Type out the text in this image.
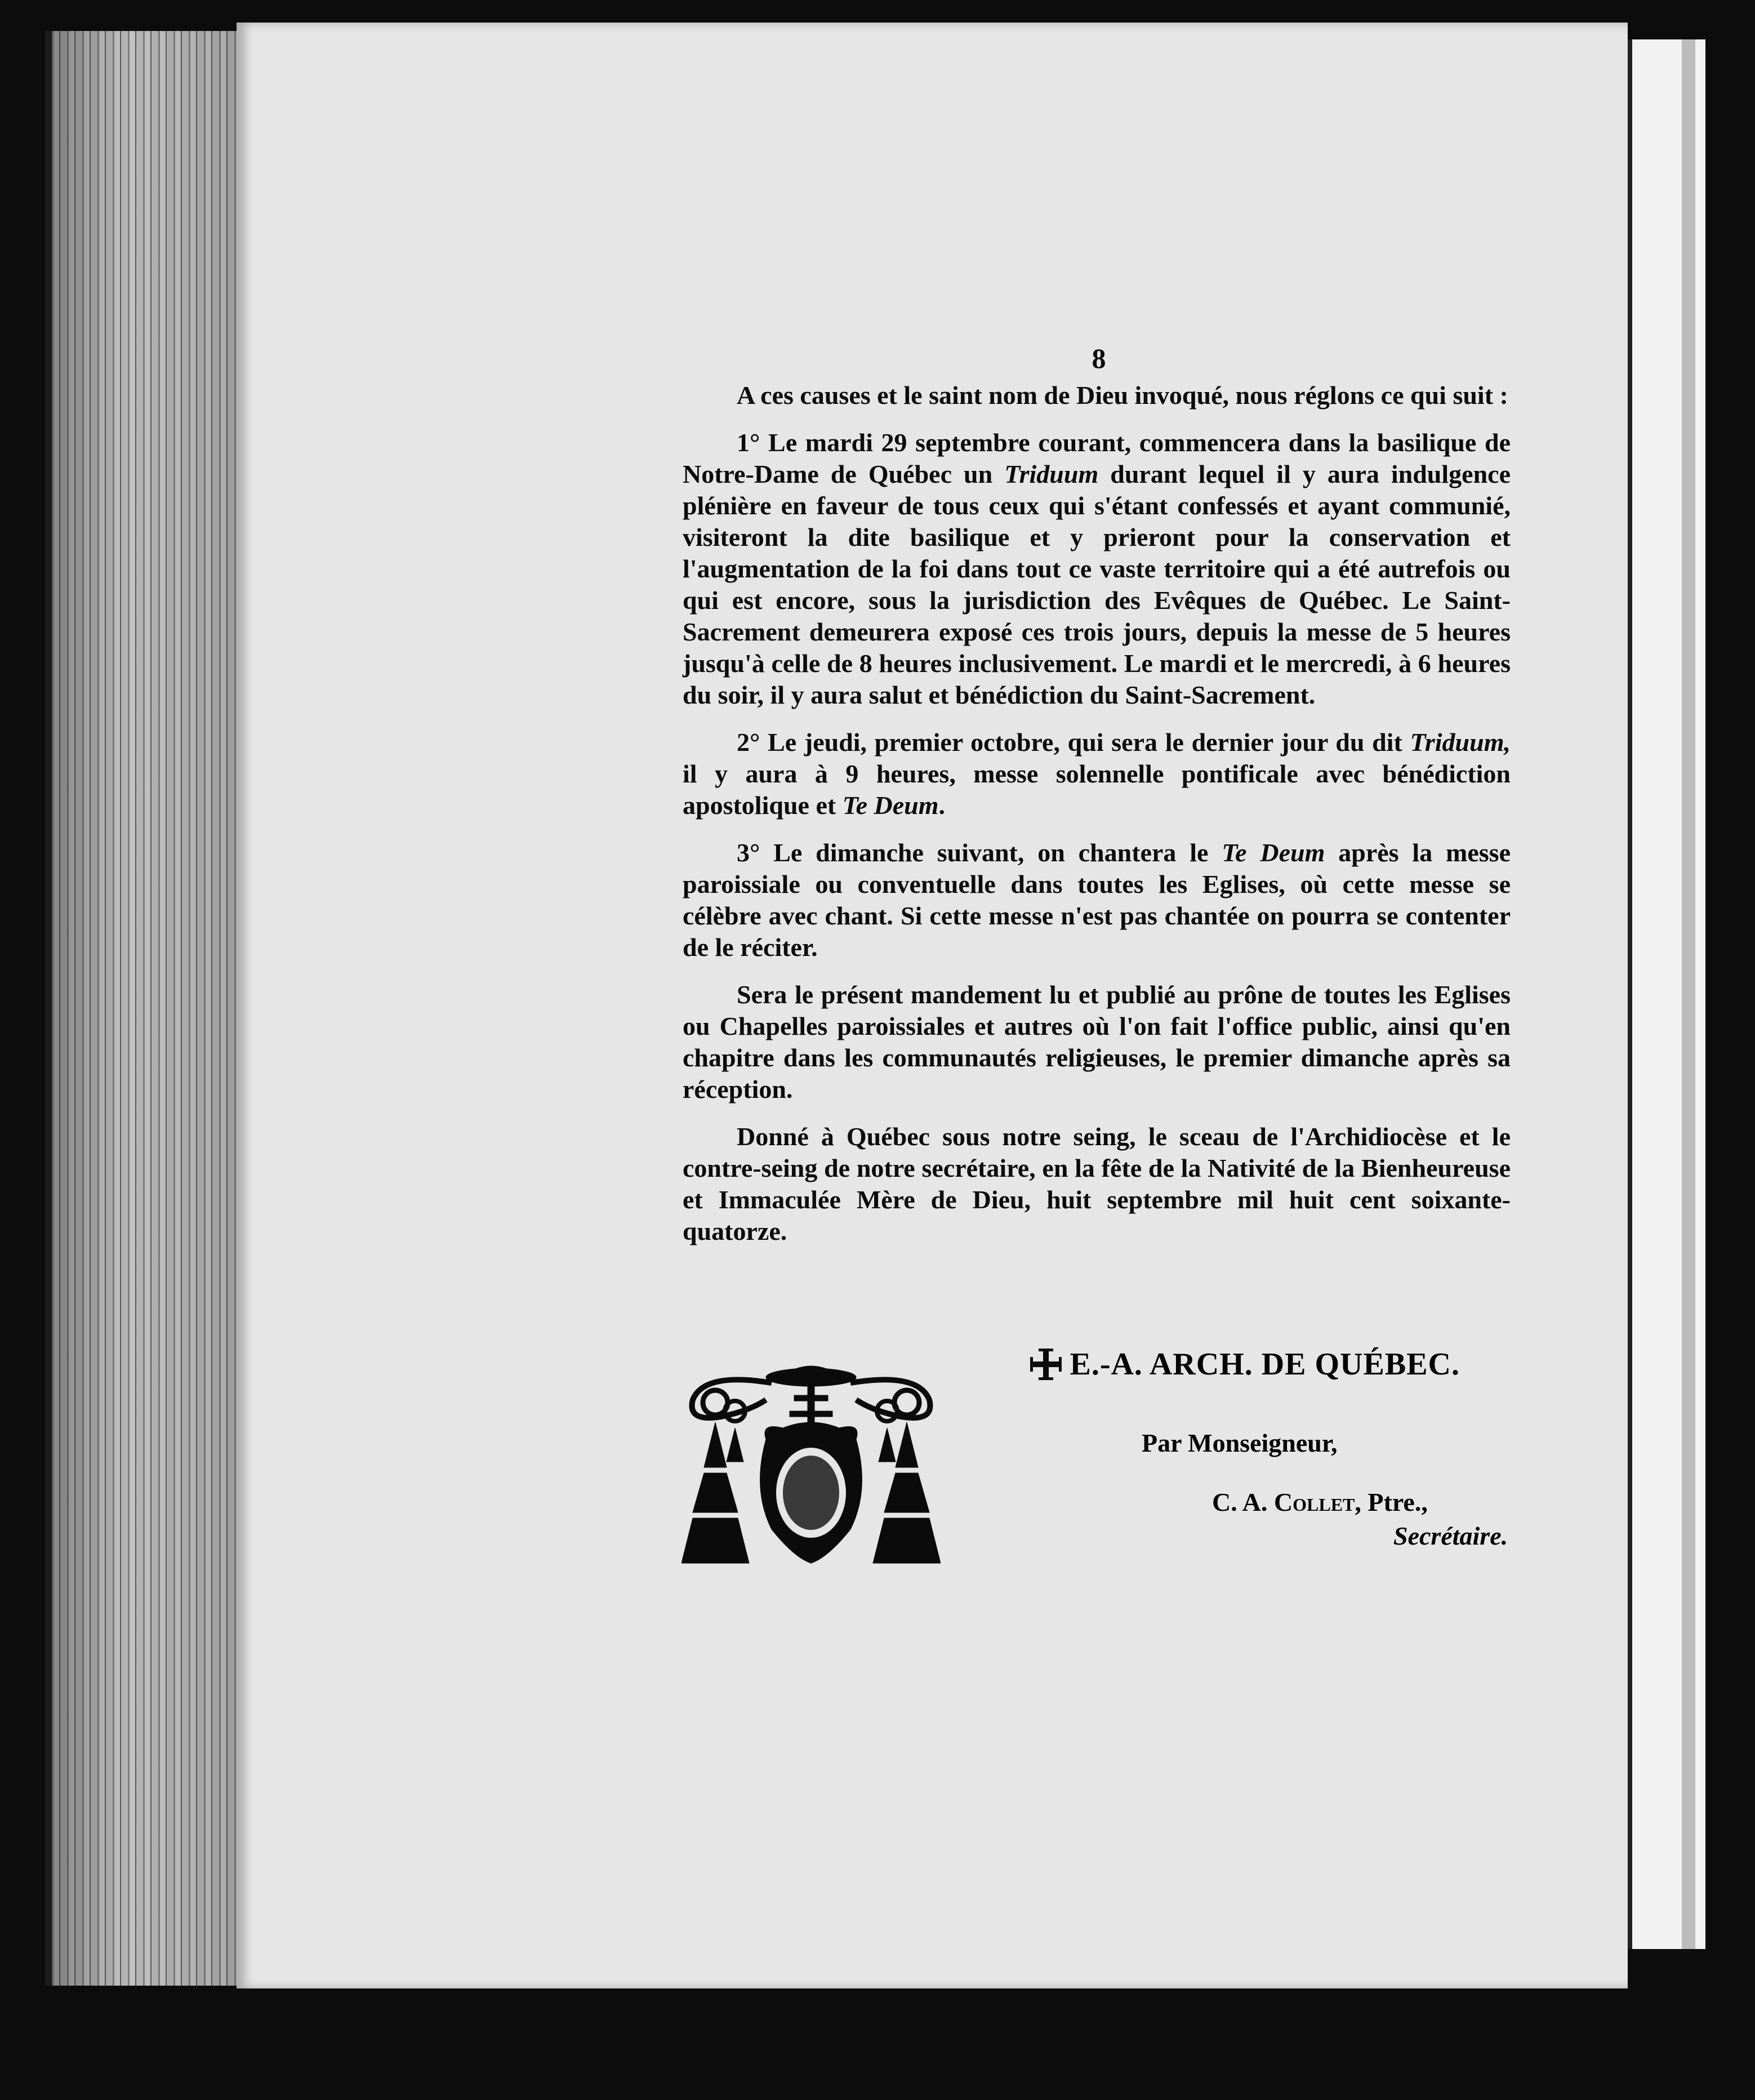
8

A ces causes et le saint nom de Dieu invoqué, nous réglons ce qui suit :

1° Le mardi 29 septembre courant, commencera dans la basilique de Notre-Dame de Québec un Triduum durant lequel il y aura indulgence plénière en faveur de tous ceux qui s'étant confessés et ayant communié, visiteront la dite basilique et y prieront pour la conservation et l'augmentation de la foi dans tout ce vaste territoire qui a été autrefois ou qui est encore, sous la jurisdiction des Evêques de Québec. Le Saint-Sacrement demeurera exposé ces trois jours, depuis la messe de 5 heures jusqu'à celle de 8 heures inclusivement. Le mardi et le mercredi, à 6 heures du soir, il y aura salut et bénédiction du Saint-Sacrement.

2° Le jeudi, premier octobre, qui sera le dernier jour du dit Triduum, il y aura à 9 heures, messe solennelle pontificale avec bénédiction apostolique et Te Deum.

3° Le dimanche suivant, on chantera le Te Deum après la messe paroissiale ou conventuelle dans toutes les Eglises, où cette messe se célèbre avec chant. Si cette messe n'est pas chantée on pourra se contenter de le réciter.

Sera le présent mandement lu et publié au prône de toutes les Eglises ou Chapelles paroissiales et autres où l'on fait l'office public, ainsi qu'en chapitre dans les communautés religieuses, le premier dimanche après sa réception.

Donné à Québec sous notre seing, le sceau de l'Archidiocèse et le contre-seing de notre secrétaire, en la fête de la Nativité de la Bienheureuse et Immaculée Mère de Dieu, huit septembre mil huit cent soixante-quatorze.

E.-A. ARCH. DE QUÉBEC.
Par Monseigneur,
C. A. Collet, Ptre.,
Secrétaire.
